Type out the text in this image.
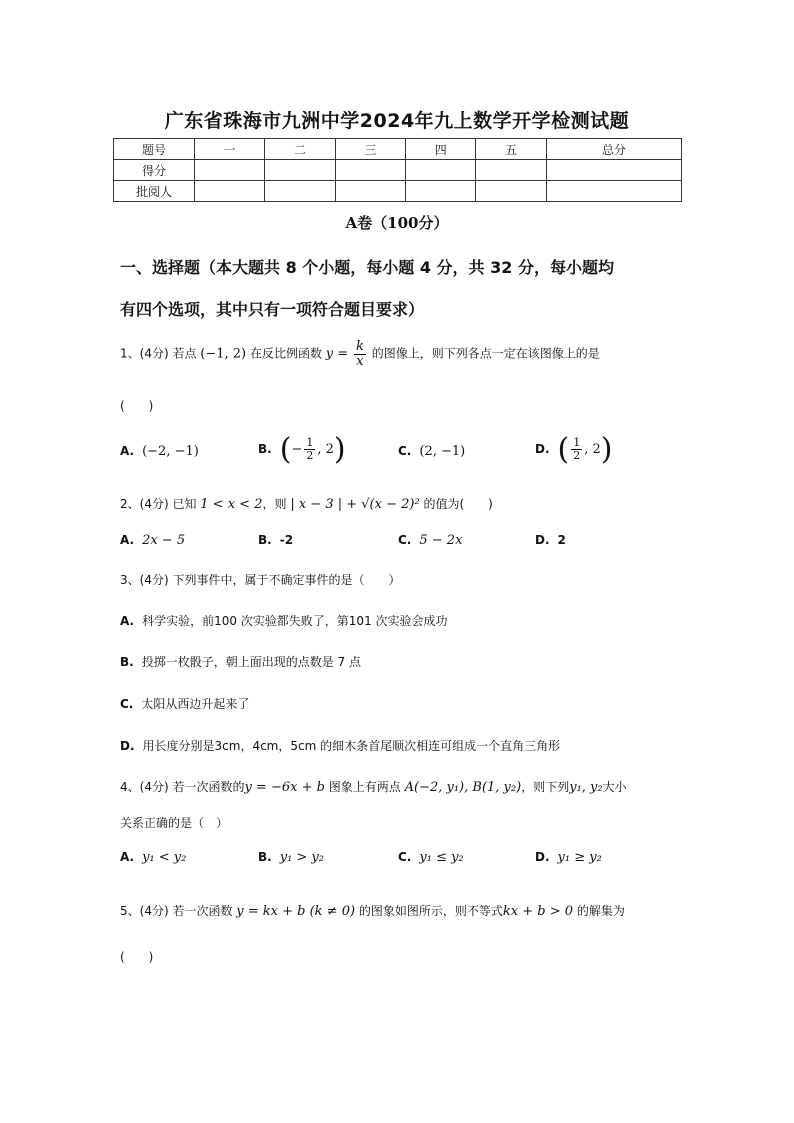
广东省珠海市九洲中学2024年九上数学开学检测试题
题号	一	二	三	四	五	总分
得分						
批阅人						
A卷（100分）
一、选择题（本大题共 8 个小题，每小题 4 分，共 32 分，每小题均
有四个选项，其中只有一项符合题目要求）
1、(4分) 若点 (−1, 2) 在反比例函数 $y = \frac{k}{x}$ 的图像上，则下列各点一定在该图像上的是
(　　)
A. (−2, −1)	B. (− $\frac{1}{2}$ , 2)	C. (2, −1)	D. ( $\frac{1}{2}$ , 2)
2、(4分) 已知 1 < x < 2，则 | x − 3 | + √(x − 2)² 的值为(　　)
A. 2x − 5	B. -2	C. 5 − 2x	D. 2
3、(4分) 下列事件中，属于不确定事件的是（　　）
A. 科学实验，前100 次实验都失败了，第101 次实验会成功
B. 投掷一枚骰子，朝上面出现的点数是 7 点
C. 太阳从西边升起来了
D. 用长度分别是3cm，4cm，5cm 的细木条首尾顺次相连可组成一个直角三角形
4、(4分) 若一次函数的y = −6x + b 图象上有两点 A(−2, y₁), B(1, y₂)，则下列y₁, y₂大小
关系正确的是（　）
A. y₁ < y₂	B. y₁ > y₂	C. y₁ ≤ y₂	D. y₁ ≥ y₂
5、(4分) 若一次函数 y = kx + b (k ≠ 0) 的图象如图所示，则不等式kx + b > 0 的解集为
(　　)
